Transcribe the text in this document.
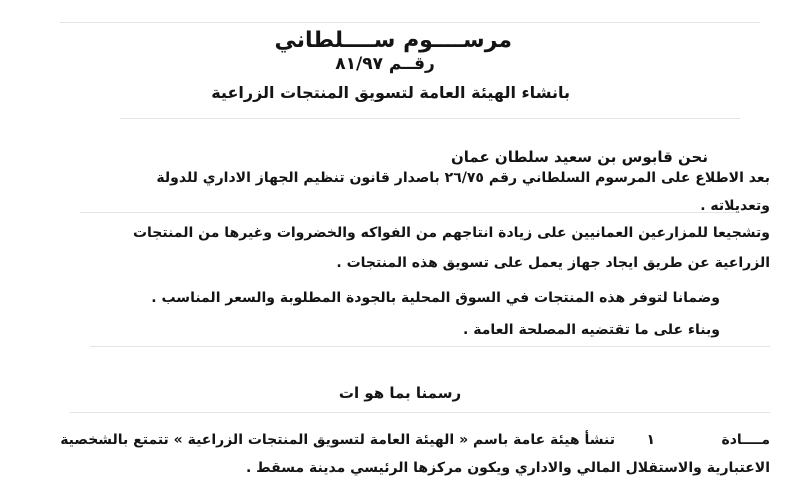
مرســــوم ســــلطاني
رقــم ٨١/٩٧
بانشاء الهيئة العامة لتسويق المنتجات الزراعية
نحن قابوس بن سعيد سلطان عمان
بعد الاطلاع على المرسوم السلطاني رقم ٢٦/٧٥ باصدار قانون تنظيم الجهاز الاداري للدولة
وتعديلاته .
وتشجيعا للمزارعين العمانيين على زيادة انتاجهم من الفواكه والخضروات وغيرها من المنتجات
الزراعية عن طريق ايجاد جهاز يعمل على تسويق هذه المنتجات .
وضمانا لتوفر هذه المنتجات في السوق المحلية بالجودة المطلوبة والسعر المناسب .
وبناء على ما تقتضيه المصلحة العامة .
رسمنا بما هو ات
مــــادة
١
تنشأ هيئة عامة باسم « الهيئة العامة لتسويق المنتجات الزراعية » تتمتع بالشخصية
الاعتبارية والاستقلال المالي والاداري ويكون مركزها الرئيسي مدينة مسقط .
